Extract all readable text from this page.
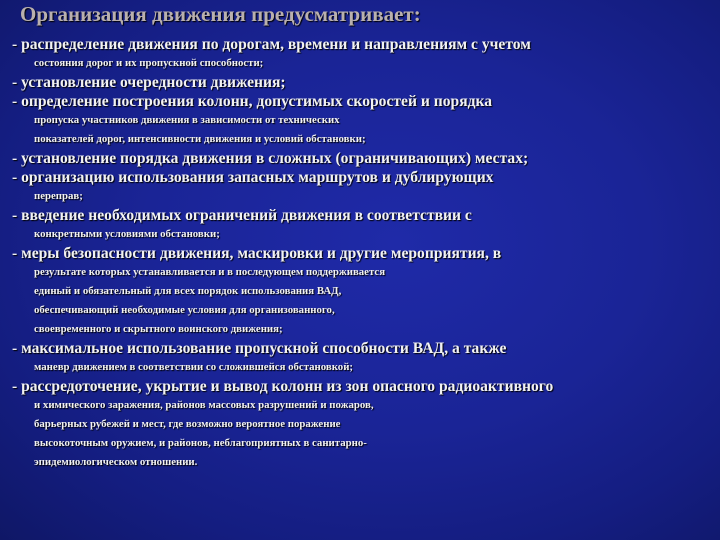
Организация движения предусматривает:
- распределение движения по дорогам, времени и направлениям с учетом
состояния дорог и их пропускной способности;
- установление очередности движения;
- определение построения колонн, допустимых скоростей и порядка
пропуска участников движения в зависимости от технических
показателей дорог, интенсивности движения и условий обстановки;
- установление порядка движения в сложных (ограничивающих) местах;
- организацию использования запасных маршрутов и дублирующих
переправ;
- введение необходимых ограничений движения в соответствии с
конкретными условиями обстановки;
- меры безопасности движения, маскировки и другие мероприятия, в
результате которых устанавливается и в последующем поддерживается
единый и обязательный для всех порядок использования ВАД,
обеспечивающий необходимые условия для организованного,
своевременного и скрытного воинского движения;
- максимальное использование пропускной способности ВАД, а также
маневр движением в соответствии со сложившейся обстановкой;
- рассредоточение, укрытие и вывод колонн из зон опасного радиоактивного
и химического заражения, районов массовых разрушений и пожаров,
барьерных рубежей и мест, где возможно вероятное поражение
высокоточным оружием, и районов, неблагоприятных в санитарно-
эпидемиологическом отношении.
